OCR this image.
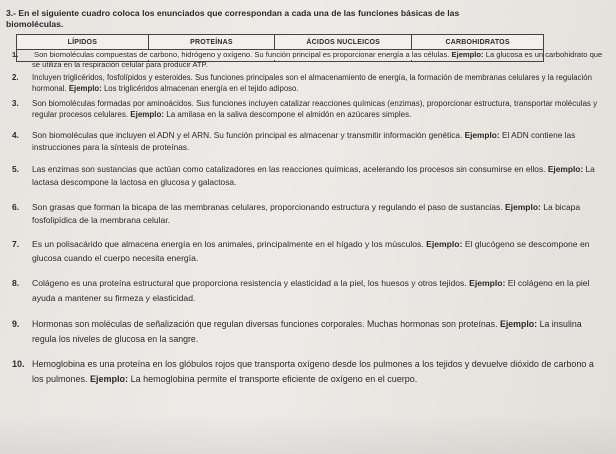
3.- En el siguiente cuadro coloca los enunciados que correspondan a cada una de las funciones básicas de las
biomoléculas.
LÍPIDOS	PROTEÍNAS	ÁCIDOS NUCLEICOS	CARBOHIDRATOS

1. Son biomoléculas compuestas de carbono, hidrógeno y oxígeno. Su función principal es proporcionar energía a las células. Ejemplo: La glucosa es un carbohidrato que se utiliza en la respiración celular para producir ATP.
2. Incluyen triglicéridos, fosfolípidos y esteroides. Sus funciones principales son el almacenamiento de energía, la formación de membranas celulares y la regulación hormonal. Ejemplo: Los triglicéridos almacenan energía en el tejido adiposo.
3. Son biomoléculas formadas por aminoácidos. Sus funciones incluyen catalizar reacciones químicas (enzimas), proporcionar estructura, transportar moléculas y regular procesos celulares. Ejemplo: La amilasa en la saliva descompone el almidón en azúcares simples.
4. Son biomoléculas que incluyen el ADN y el ARN. Su función principal es almacenar y transmitir información genética. Ejemplo: El ADN contiene las instrucciones para la síntesis de proteínas.
5. Las enzimas son sustancias que actúan como catalizadores en las reacciones químicas, acelerando los procesos sin consumirse en ellos. Ejemplo: La lactasa descompone la lactosa en glucosa y galactosa.
6. Son grasas que forman la bicapa de las membranas celulares, proporcionando estructura y regulando el paso de sustancias. Ejemplo: La bicapa fosfolipídica de la membrana celular.
7. Es un polisacárido que almacena energía en los animales, principalmente en el hígado y los músculos. Ejemplo: El glucógeno se descompone en glucosa cuando el cuerpo necesita energía.
8. Colágeno es una proteína estructural que proporciona resistencia y elasticidad a la piel, los huesos y otros tejidos. Ejemplo: El colágeno en la piel ayuda a mantener su firmeza y elasticidad.
9. Hormonas son moléculas de señalización que regulan diversas funciones corporales. Muchas hormonas son proteínas. Ejemplo: La insulina regula los niveles de glucosa en la sangre.
10. Hemoglobina es una proteína en los glóbulos rojos que transporta oxígeno desde los pulmones a los tejidos y devuelve dióxido de carbono a los pulmones. Ejemplo: La hemoglobina permite el transporte eficiente de oxígeno en el cuerpo.
